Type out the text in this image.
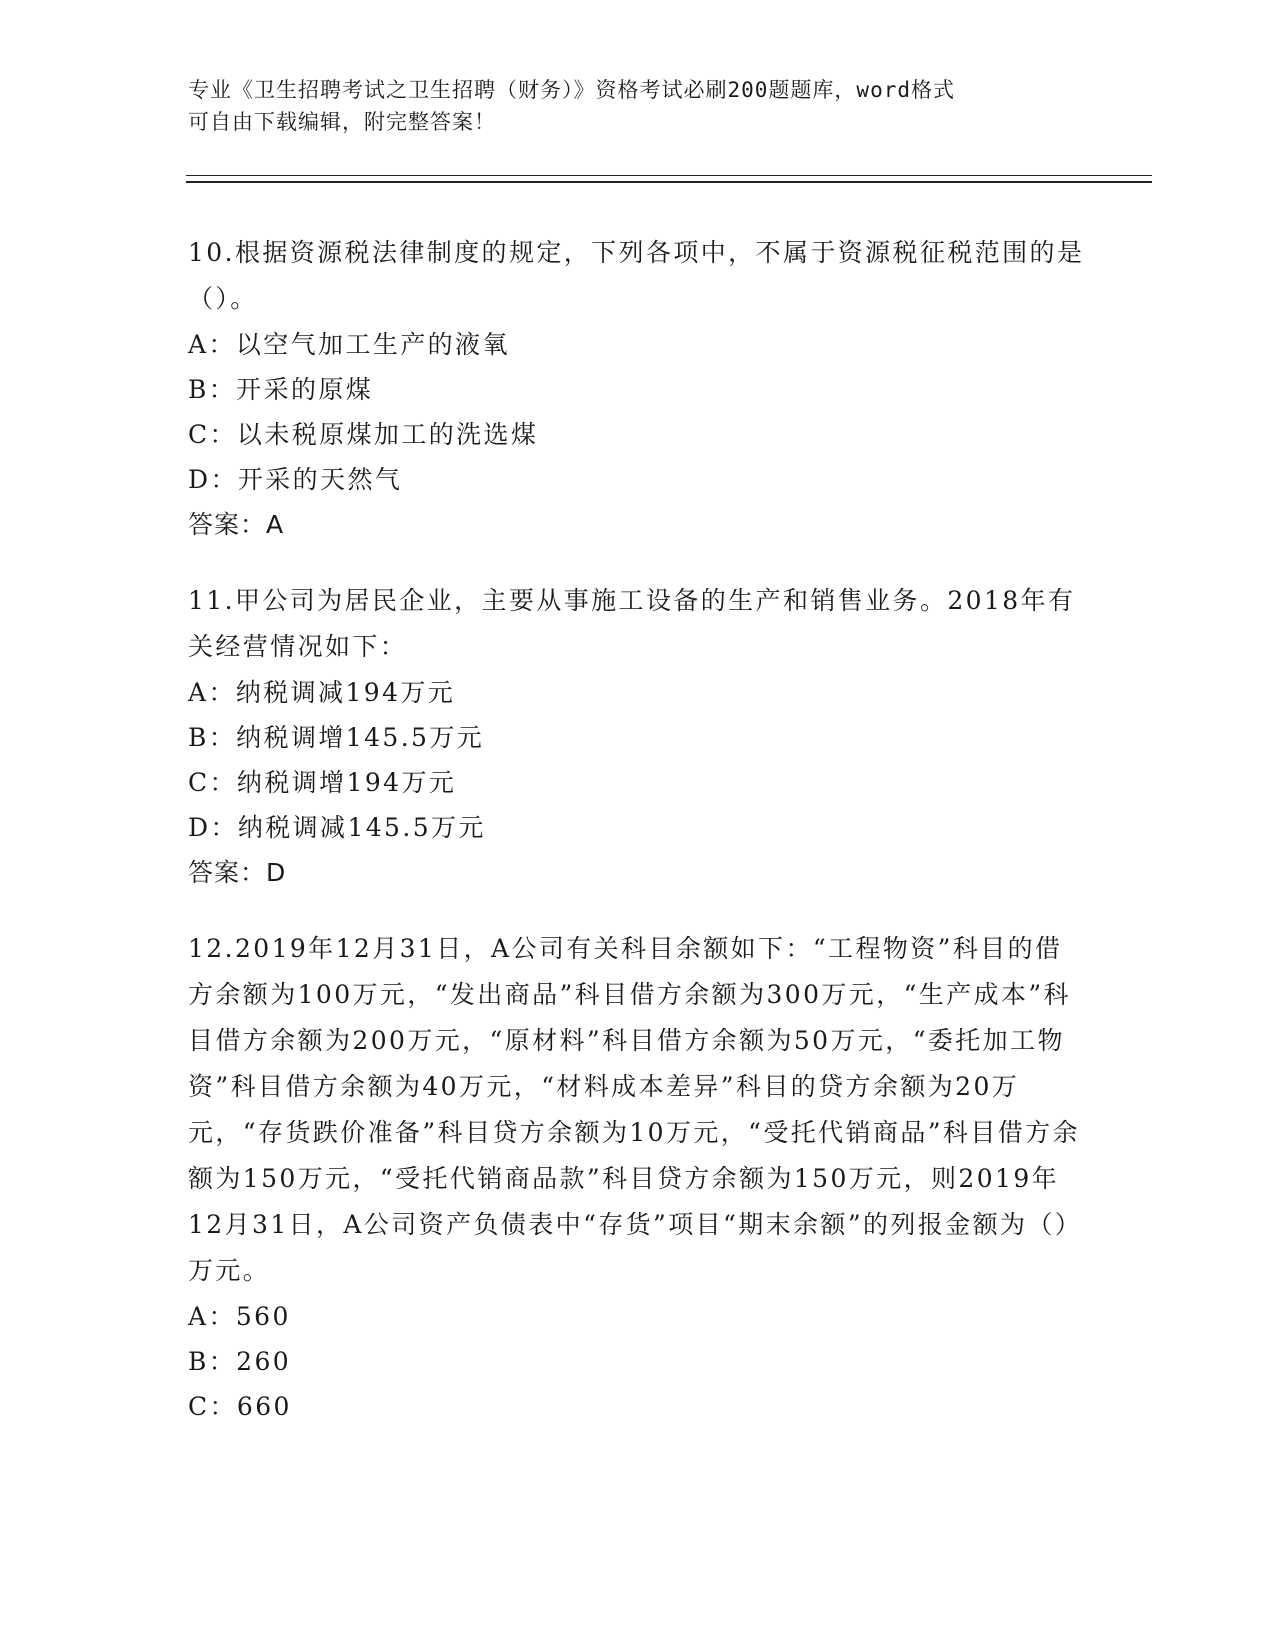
专业《卫生招聘考试之卫生招聘（财务）》资格考试必刷200题题库，word格式
可自由下载编辑，附完整答案！

10.根据资源税法律制度的规定，下列各项中，不属于资源税征税范围的是（）。

A：以空气加工生产的液氧

B：开采的原煤

C：以未税原煤加工的洗选煤

D：开采的天然气

答案：A

11.甲公司为居民企业，主要从事施工设备的生产和销售业务。2018年有关经营情况如下：

A：纳税调减194万元

B：纳税调增145.5万元

C：纳税调增194万元

D：纳税调减145.5万元

答案：D

12.2019年12月31日，A公司有关科目余额如下：“工程物资”科目的借方余额为100万元，“发出商品”科目借方余额为300万元，“生产成本”科目借方余额为200万元，“原材料”科目借方余额为50万元，“委托加工物资”科目借方余额为40万元，“材料成本差异”科目的贷方余额为20万元，“存货跌价准备”科目贷方余额为10万元，“受托代销商品”科目借方余额为150万元，“受托代销商品款”科目贷方余额为150万元，则2019年12月31日，A公司资产负债表中“存货”项目“期末余额”的列报金额为（）万元。

A：560

B：260

C：660
